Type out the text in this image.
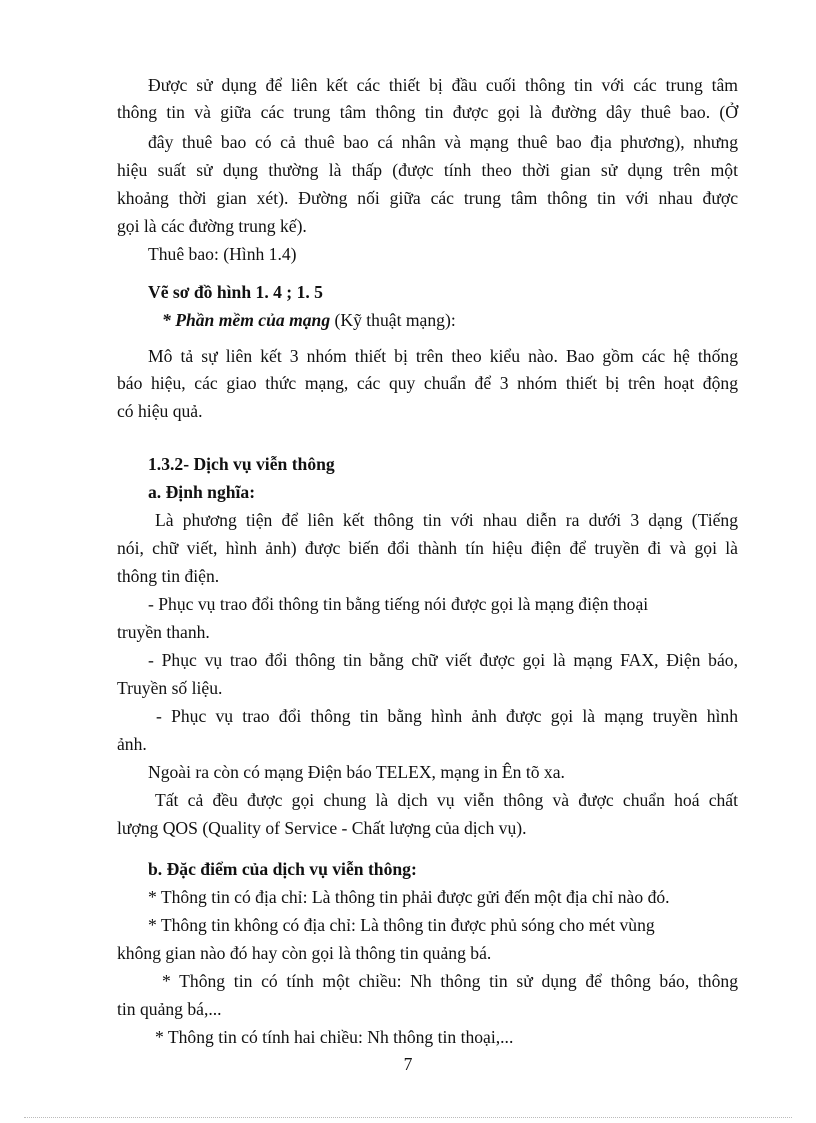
Được sử dụng để liên kết các thiết bị đầu cuối thông tin với các trung tâm
thông tin và giữa các trung tâm thông tin được gọi là đường dây thuê bao. (Ở
đây thuê bao có cả thuê bao cá nhân và mạng thuê bao địa phương), nhưng
hiệu suất sử dụng thường là thấp (được tính theo thời gian sử dụng trên một
khoảng thời gian xét). Đường nối giữa các trung tâm thông tin với nhau được
gọi là các đường trung kế).
Thuê bao: (Hình 1.4)
Vẽ sơ đồ hình 1. 4 ; 1. 5
* Phần mềm của mạng (Kỹ thuật mạng):
Mô tả sự liên kết 3 nhóm thiết bị trên theo kiểu nào. Bao gồm các hệ thống
báo hiệu, các giao thức mạng, các quy chuẩn để 3 nhóm thiết bị trên hoạt động
có hiệu quả.
1.3.2- Dịch vụ viễn thông
a. Định nghĩa:
Là phương tiện để liên kết thông tin với nhau diễn ra dưới 3 dạng (Tiếng
nói, chữ viết, hình ảnh) được biến đổi thành tín hiệu điện để truyền đi và gọi là
thông tin điện.
- Phục vụ trao đổi thông tin bằng tiếng nói được gọi là mạng điện thoại
truyền thanh.
- Phục vụ trao đổi thông tin bằng chữ viết được gọi là mạng FAX, Điện báo,
Truyền số liệu.
- Phục vụ trao đổi thông tin bằng hình ảnh được gọi là mạng truyền hình
ảnh.
Ngoài ra còn có mạng Điện báo TELEX, mạng in Ên tõ xa.
Tất cả đều được gọi chung là dịch vụ viễn thông và được chuẩn hoá chất
lượng QOS (Quality of Service - Chất lượng của dịch vụ).
b. Đặc điểm của dịch vụ viễn thông:
* Thông tin có địa chỉ: Là thông tin phải được gửi đến một địa chỉ nào đó.
* Thông tin không có địa chỉ: Là thông tin được phủ sóng cho mét vùng
không gian nào đó hay còn gọi là thông tin quảng bá.
* Thông tin có tính một chiều: Nh thông tin sử dụng để thông báo, thông
tin quảng bá,...
* Thông tin có tính hai chiều: Nh thông tin thoại,...
7
